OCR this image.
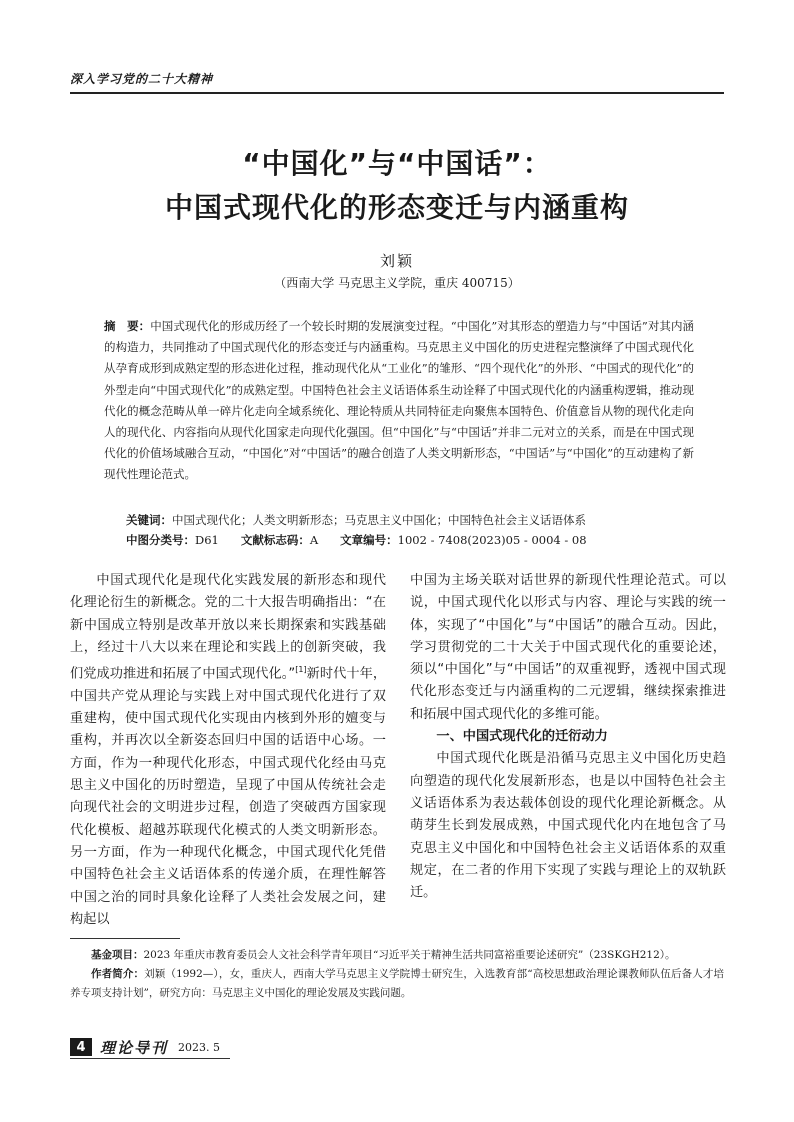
深入学习党的二十大精神
“中国化”与“中国话”：
中国式现代化的形态变迁与内涵重构
刘颖
（西南大学 马克思主义学院，重庆 400715）

摘　要：中国式现代化的形成历经了一个较长时期的发展演变过程。“中国化”对其形态的塑造力与“中国话”对其内涵的构造力，共同推动了中国式现代化的形态变迁与内涵重构。马克思主义中国化的历史进程完整演绎了中国式现代化从孕育成形到成熟定型的形态进化过程，推动现代化从“工业化”的雏形、“四个现代化”的外形、“中国式的现代化”的外型走向“中国式现代化”的成熟定型。中国特色社会主义话语体系生动诠释了中国式现代化的内涵重构逻辑，推动现代化的概念范畴从单一碎片化走向全域系统化、理论特质从共同特征走向聚焦本国特色、价值意旨从物的现代化走向人的现代化、内容指向从现代化国家走向现代化强国。但“中国化”与“中国话”并非二元对立的关系，而是在中国式现代化的价值场域融合互动，“中国化”对“中国话”的融合创造了人类文明新形态，“中国话”与“中国化”的互动建构了新现代性理论范式。

关键词：中国式现代化；人类文明新形态；马克思主义中国化；中国特色社会主义话语体系

中图分类号：D61 文献标志码：A 文章编号：1002 - 7408(2023)05 - 0004 - 08

中国式现代化是现代化实践发展的新形态和现代化理论衍生的新概念。党的二十大报告明确指出：“在新中国成立特别是改革开放以来长期探索和实践基础上，经过十八大以来在理论和实践上的创新突破，我们党成功推进和拓展了中国式现代化。”[1]新时代十年，中国共产党从理论与实践上对中国式现代化进行了双重建构，使中国式现代化实现由内核到外形的嬗变与重构，并再次以全新姿态回归中国的话语中心场。一方面，作为一种现代化形态，中国式现代化经由马克思主义中国化的历时塑造，呈现了中国从传统社会走向现代社会的文明进步过程，创造了突破西方国家现代化模板、超越苏联现代化模式的人类文明新形态。另一方面，作为一种现代化概念，中国式现代化凭借中国特色社会主义话语体系的传递介质，在理性解答中国之治的同时具象化诠释了人类社会发展之问，建构起以

中国为主场关联对话世界的新现代性理论范式。可以说，中国式现代化以形式与内容、理论与实践的统一体，实现了“中国化”与“中国话”的融合互动。因此，学习贯彻党的二十大关于中国式现代化的重要论述，须以“中国化”与“中国话”的双重视野，透视中国式现代化形态变迁与内涵重构的二元逻辑，继续探索推进和拓展中国式现代化的多维可能。

一、中国式现代化的迁衍动力

中国式现代化既是沿循马克思主义中国化历史趋向塑造的现代化发展新形态，也是以中国特色社会主义话语体系为表达载体创设的现代化理论新概念。从萌芽生长到发展成熟，中国式现代化内在地包含了马克思主义中国化和中国特色社会主义话语体系的双重规定，在二者的作用下实现了实践与理论上的双轨跃迁。

基金项目：2023 年重庆市教育委员会人文社会科学青年项目“习近平关于精神生活共同富裕重要论述研究”（23SKGH212）。

作者简介：刘颖（1992—），女，重庆人，西南大学马克思主义学院博士研究生，入选教育部“高校思想政治理论课教师队伍后备人才培养专项支持计划”，研究方向：马克思主义中国化的理论发展及实践问题。

4 理论导刊 2023. 5
